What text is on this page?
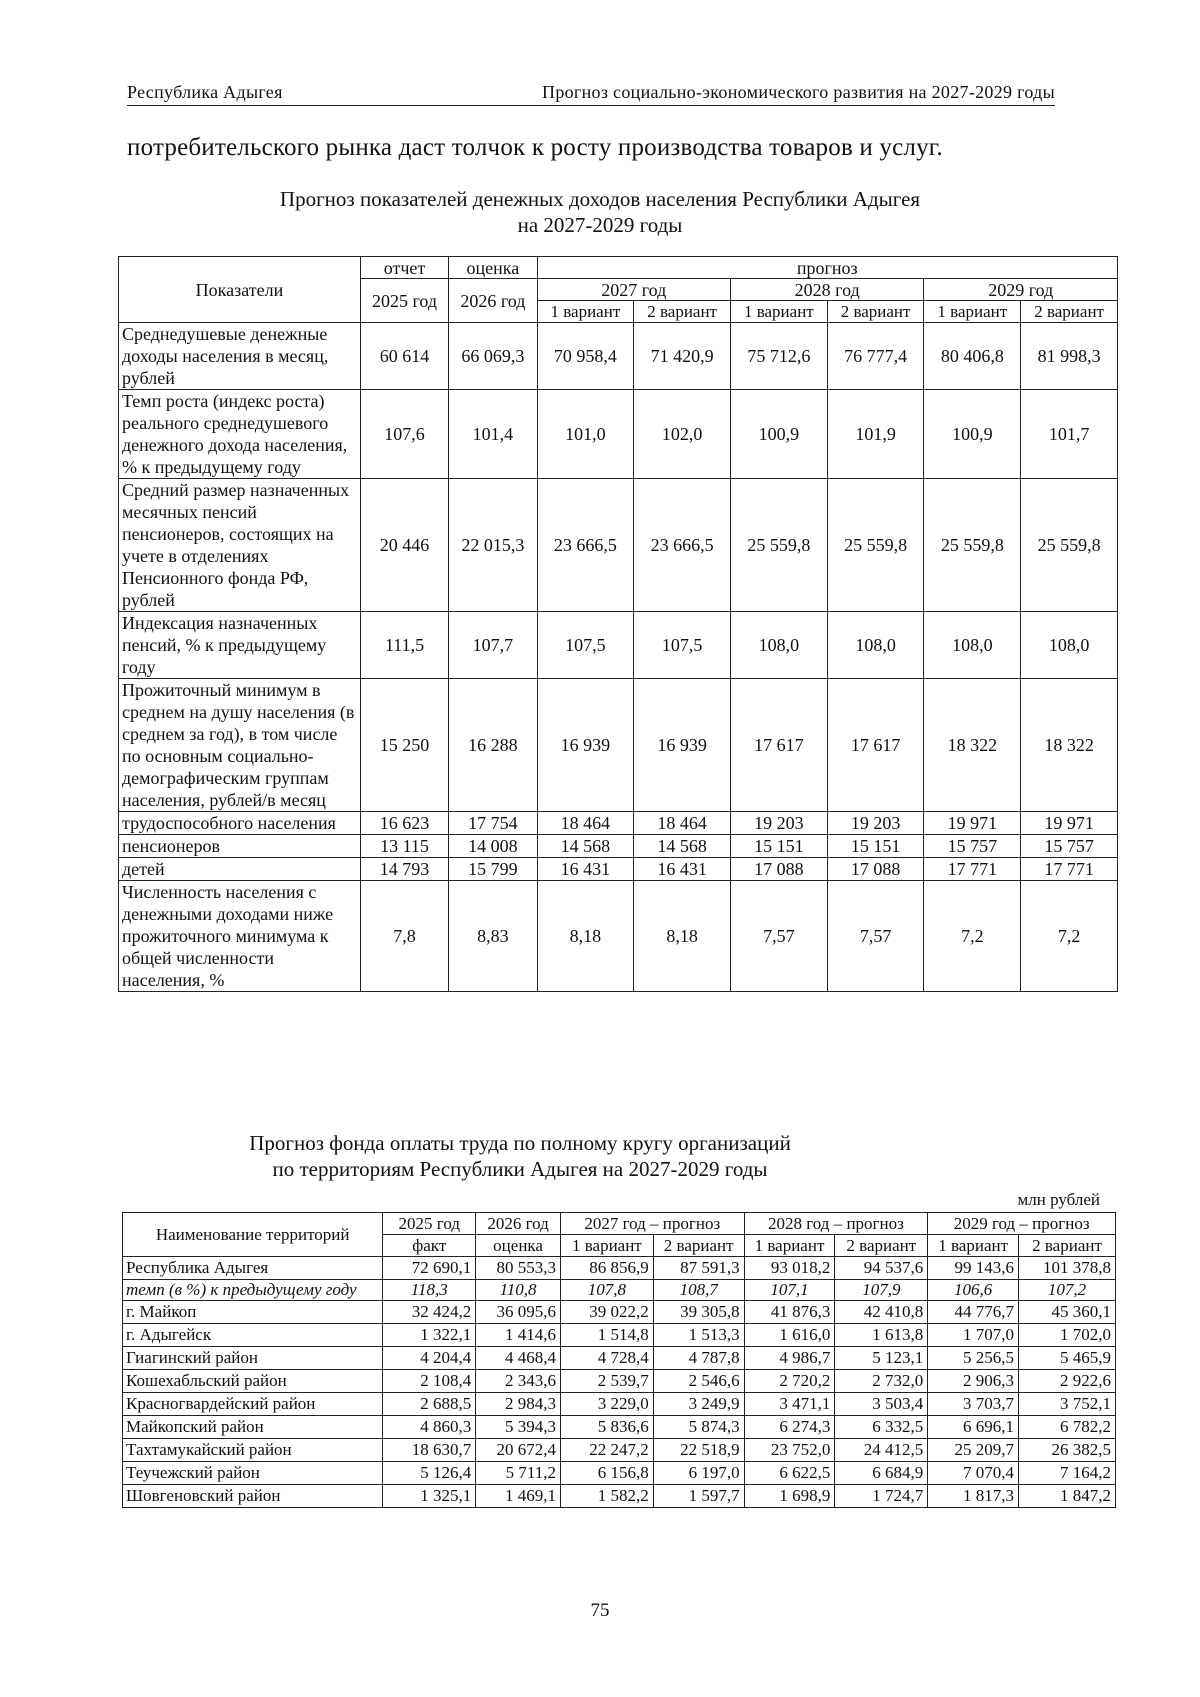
Республика Адыгея	Прогноз социально-экономического развития на 2027-2029 годы
потребительского рынка даст толчок к росту производства товаров и услуг.
Прогноз показателей денежных доходов населения Республики Адыгея
на 2027-2029 годы
Показатели	отчет	оценка	прогноз					
	2025 год	2026 год	2027 год		2028 год		2029 год	
			1 вариант	2 вариант	1 вариант	2 вариант	1 вариант	2 вариант
Среднедушевые денежные доходы населения в месяц, рублей	60 614	66 069,3	70 958,4	71 420,9	75 712,6	76 777,4	80 406,8	81 998,3
Темп роста (индекс роста) реального среднедушевого денежного дохода населения, % к предыдущему году	107,6	101,4	101,0	102,0	100,9	101,9	100,9	101,7
Средний размер назначенных месячных пенсий пенсионеров, состоящих на учете в отделениях Пенсионного фонда РФ, рублей	20 446	22 015,3	23 666,5	23 666,5	25 559,8	25 559,8	25 559,8	25 559,8
Индексация назначенных пенсий, % к предыдущему году	111,5	107,7	107,5	107,5	108,0	108,0	108,0	108,0
Прожиточный минимум в среднем на душу населения (в среднем за год), в том числе по основным социально-демографическим группам населения, рублей/в месяц	15 250	16 288	16 939	16 939	17 617	17 617	18 322	18 322
трудоспособного населения	16 623	17 754	18 464	18 464	19 203	19 203	19 971	19 971
пенсионеров	13 115	14 008	14 568	14 568	15 151	15 151	15 757	15 757
детей	14 793	15 799	16 431	16 431	17 088	17 088	17 771	17 771
Численность населения с денежными доходами ниже прожиточного минимума к общей численности населения, %	7,8	8,83	8,18	8,18	7,57	7,57	7,2	7,2
Прогноз фонда оплаты труда по полному кругу организаций
по территориям Республики Адыгея на 2027-2029 годы
млн рублей
Наименование территорий	2025 год	2026 год	2027 год – прогноз		2028 год – прогноз		2029 год – прогноз	
	факт	оценка	1 вариант	2 вариант	1 вариант	2 вариант	1 вариант	2 вариант
Республика Адыгея	72 690,1	80 553,3	86 856,9	87 591,3	93 018,2	94 537,6	99 143,6	101 378,8
темп (в %) к предыдущему году	118,3	110,8	107,8	108,7	107,1	107,9	106,6	107,2
г. Майкоп	32 424,2	36 095,6	39 022,2	39 305,8	41 876,3	42 410,8	44 776,7	45 360,1
г. Адыгейск	1 322,1	1 414,6	1 514,8	1 513,3	1 616,0	1 613,8	1 707,0	1 702,0
Гиагинский район	4 204,4	4 468,4	4 728,4	4 787,8	4 986,7	5 123,1	5 256,5	5 465,9
Кошехабльский район	2 108,4	2 343,6	2 539,7	2 546,6	2 720,2	2 732,0	2 906,3	2 922,6
Красногвардейский район	2 688,5	2 984,3	3 229,0	3 249,9	3 471,1	3 503,4	3 703,7	3 752,1
Майкопский район	4 860,3	5 394,3	5 836,6	5 874,3	6 274,3	6 332,5	6 696,1	6 782,2
Тахтамукайский район	18 630,7	20 672,4	22 247,2	22 518,9	23 752,0	24 412,5	25 209,7	26 382,5
Теучежский район	5 126,4	5 711,2	6 156,8	6 197,0	6 622,5	6 684,9	7 070,4	7 164,2
Шовгеновский район	1 325,1	1 469,1	1 582,2	1 597,7	1 698,9	1 724,7	1 817,3	1 847,2
75
